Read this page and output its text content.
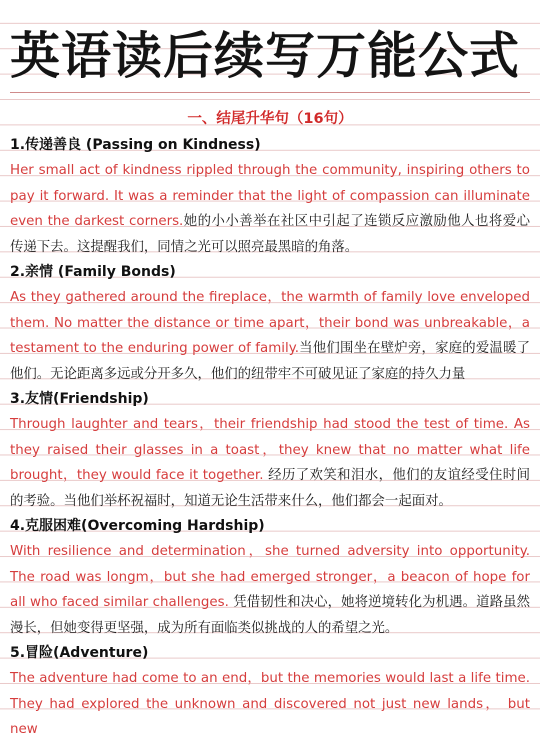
英语读后续写万能公式
一、结尾升华句（16句）

1.传递善良 (Passing on Kindness)

Her small act of kindness rippled through the community, inspiring others to pay it forward. It was a reminder that the light of compassion can illuminate even the darkest corners.她的小小善举在社区中引起了连锁反应激励他人也将爱心传递下去。这提醒我们，同情之光可以照亮最黑暗的角落。

2.亲情 (Family Bonds)

As they gathered around the fireplace，the warmth of family love enveloped them. No matter the distance or time apart，their bond was unbreakable，a testament to the enduring power of family.当他们围坐在壁炉旁，家庭的爱温暖了他们。无论距离多远或分开多久，他们的纽带牢不可破见证了家庭的持久力量

3.友情(Friendship)

Through laughter and tears，their friendship had stood the test of time. As they raised their glasses in a toast，they knew that no matter what life brought，they would face it together. 经历了欢笑和泪水，他们的友谊经受住时间的考验。当他们举杯祝福时，知道无论生活带来什么，他们都会一起面对。

4.克服困难(Overcoming Hardship)

With resilience and determination，she turned adversity into opportunity. The road was longm，but she had emerged stronger，a beacon of hope for all who faced similar challenges. 凭借韧性和决心，她将逆境转化为机遇。道路虽然漫长，但她变得更坚强，成为所有面临类似挑战的人的希望之光。

5.冒险(Adventure)

The adventure had come to an end，but the memories would last a life time. They had explored the unknown and discovered not just new lands， but new
